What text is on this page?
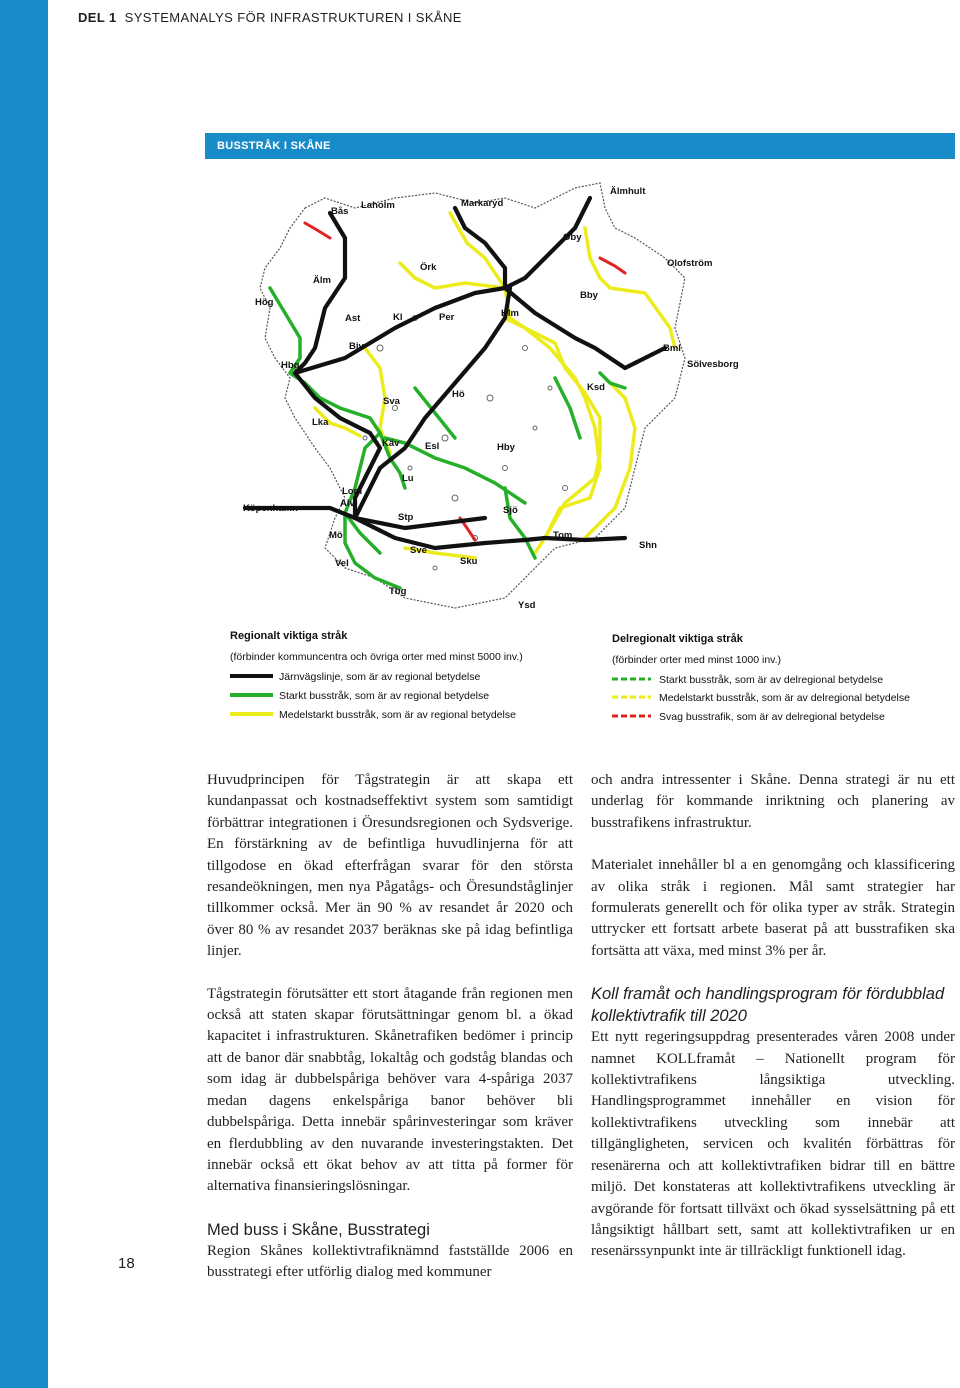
DEL 1 SYSTEMANALYS FÖR INFRASTRUKTUREN I SKÅNE
BUSSTRÅK I SKÅNE
Älmhult
Markaryd
Bås
Laholm
Oby
Olofström
Örk
Älm
Hög
Ast	Kl	Per	Hlm
Bby
Bml
Sölvesborg
Bjv
Hbg
Ksd
Hö
Sva
Lka
Käv	Esl	Hby
Lu
Lom
Alv
Köpenhamn
Stp
Sjö
Mö	Tom
Shn
Sve
Sku
Vel
Tbg
Ysd
Regionalt viktiga stråk
(förbinder kommuncentra och övriga orter med minst 5000 inv.)
Järnvägslinje, som är av regional betydelse
Starkt busstråk, som är av regional betydelse
Medelstarkt busstråk, som är av regional betydelse
Delregionalt viktiga stråk
(förbinder orter med minst 1000 inv.)
Starkt busstråk, som är av delregional betydelse
Medelstarkt busstråk, som är av delregional betydelse
Svag busstrafik, som är av delregional betydelse
18

Huvudprincipen för Tågstrategin är att skapa ett kundanpassat och kostnadseffektivt system som samtidigt förbättrar integrationen i Öresundsregionen och Sydsverige. En förstärkning av de befintliga huvudlinjerna för att tillgodose en ökad efterfrågan svarar för den största resandeökningen, men nya Pågatågs- och Öresundståglinjer tillkommer också. Mer än 90 % av resandet år 2020 och över 80 % av resandet 2037 beräknas ske på idag befintliga linjer.

Tågstrategin förutsätter ett stort åtagande från regionen men också att staten skapar förutsättningar genom bl. a ökad kapacitet i infrastrukturen. Skånetrafiken bedömer i princip att de banor där snabbtåg, lokaltåg och godståg blandas och som idag är dubbelspåriga behöver vara 4-spåriga 2037 medan dagens enkelspåriga banor behöver bli dubbelspåriga. Detta innebär spårinvesteringar som kräver en flerdubbling av den nuvarande investeringstakten. Det innebär också ett ökat behov av att titta på former för alternativa finansieringslösningar.

Med buss i Skåne, Busstrategi

Region Skånes kollektivtrafiknämnd fastställde 2006 en busstrategi efter utförlig dialog med kommuner

och andra intressenter i Skåne. Denna strategi är nu ett underlag för kommande inriktning och planering av busstrafikens infrastruktur.

Materialet innehåller bl a en genomgång och klassificering av olika stråk i regionen. Mål samt strategier har formulerats generellt och för olika typer av stråk. Strategin uttrycker ett fortsatt arbete baserat på att busstrafiken ska fortsätta att växa, med minst 3% per år.

Koll framåt och handlingsprogram för fördubblad kollektivtrafik till 2020

Ett nytt regeringsuppdrag presenterades våren 2008 under namnet KOLLframåt – Nationellt program för kollektivtrafikens långsiktiga utveckling. Handlingsprogrammet innehåller en vision för kollektivtrafikens utveckling som innebär att tillgängligheten, servicen och kvalitén förbättras för resenärerna och att kollektivtrafiken bidrar till en bättre miljö. Det konstateras att kollektivtrafikens utveckling är avgörande för fortsatt tillväxt och ökad sysselsättning på ett långsiktigt hållbart sett, samt att kollektivtrafiken ur en resenärssynpunkt inte är tillräckligt funktionell idag.
